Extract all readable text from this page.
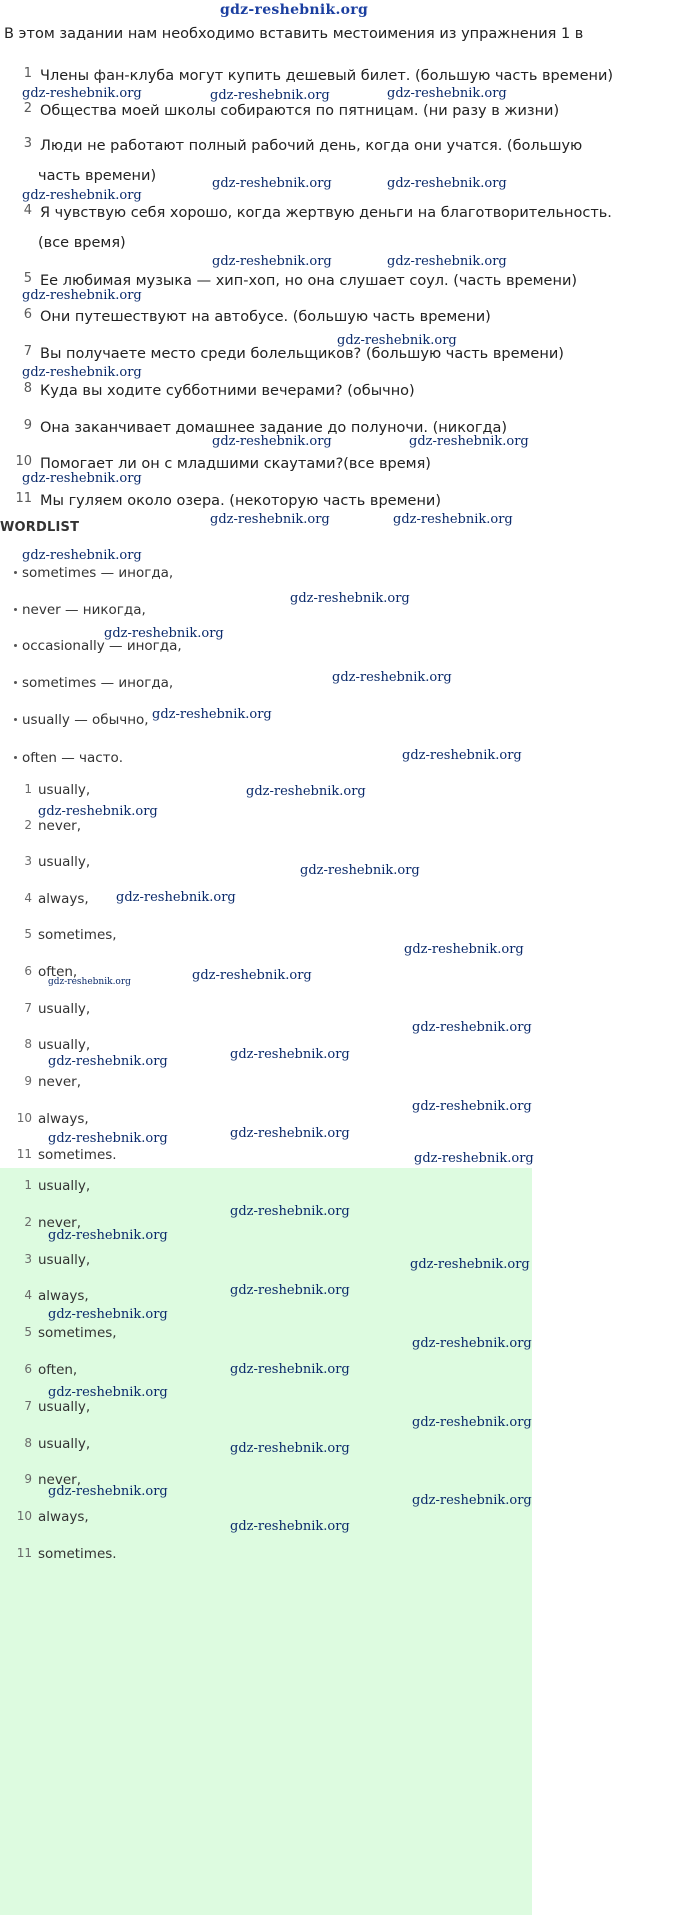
В этом задании нам необходимо вставить местоимения из упражнения 1 в
1 Члены фан-клуба могут купить дешевый билет. (большую часть времени)
2 Общества моей школы собираются по пятницам. (ни разу в жизни)
3 Люди не работают полный рабочий день, когда они учатся. (большую
часть времени)
4 Я чувствую себя хорошо, когда жертвую деньги на благотворительность.
(все время)
5 Ее любимая музыка — хип-хоп, но она слушает соул. (часть времени)
6 Они путешествуют на автобусе. (большую часть времени)
7 Вы получаете место среди болельщиков? (большую часть времени)
8 Куда вы ходите субботними вечерами? (обычно)
9 Она заканчивает домашнее задание до полуночи. (никогда)
10 Помогает ли он с младшими скаутами?(все время)
11 Мы гуляем около озера. (некоторую часть времени)
WORDLIST
sometimes — иногда,
never — никогда,
occasionally — иногда,
sometimes — иногда,
usually — обычно,
often — часто.
1 usually,
2 never,
3 usually,
4 always,
5 sometimes,
6 often,
7 usually,
8 usually,
9 never,
10 always,
11 sometimes.
1 usually,
2 never,
3 usually,
4 always,
5 sometimes,
6 often,
7 usually,
8 usually,
9 never,
10 always,
11 sometimes.
gdz-reshebnik.org
gdz-reshebnik.org	gdz-reshebnik.org	gdz-reshebnik.org
gdz-reshebnik.org
gdz-reshebnik.org	gdz-reshebnik.org
gdz-reshebnik.org	gdz-reshebnik.org
gdz-reshebnik.org
gdz-reshebnik.org
gdz-reshebnik.org
gdz-reshebnik.org	gdz-reshebnik.org
gdz-reshebnik.org
gdz-reshebnik.org	gdz-reshebnik.org
gdz-reshebnik.org
gdz-reshebnik.org
gdz-reshebnik.org
gdz-reshebnik.org
gdz-reshebnik.org
gdz-reshebnik.org
gdz-reshebnik.org
gdz-reshebnik.org
gdz-reshebnik.org
gdz-reshebnik.org
gdz-reshebnik.org
gdz-reshebnik.org	gdz-reshebnik.org
gdz-reshebnik.org
gdz-reshebnik.org	gdz-reshebnik.org
gdz-reshebnik.org
gdz-reshebnik.org	gdz-reshebnik.org
gdz-reshebnik.org
gdz-reshebnik.org
gdz-reshebnik.org
gdz-reshebnik.org
gdz-reshebnik.org
gdz-reshebnik.org
gdz-reshebnik.org
gdz-reshebnik.org
gdz-reshebnik.org
gdz-reshebnik.org
gdz-reshebnik.org
gdz-reshebnik.org
gdz-reshebnik.org
gdz-reshebnik.org
